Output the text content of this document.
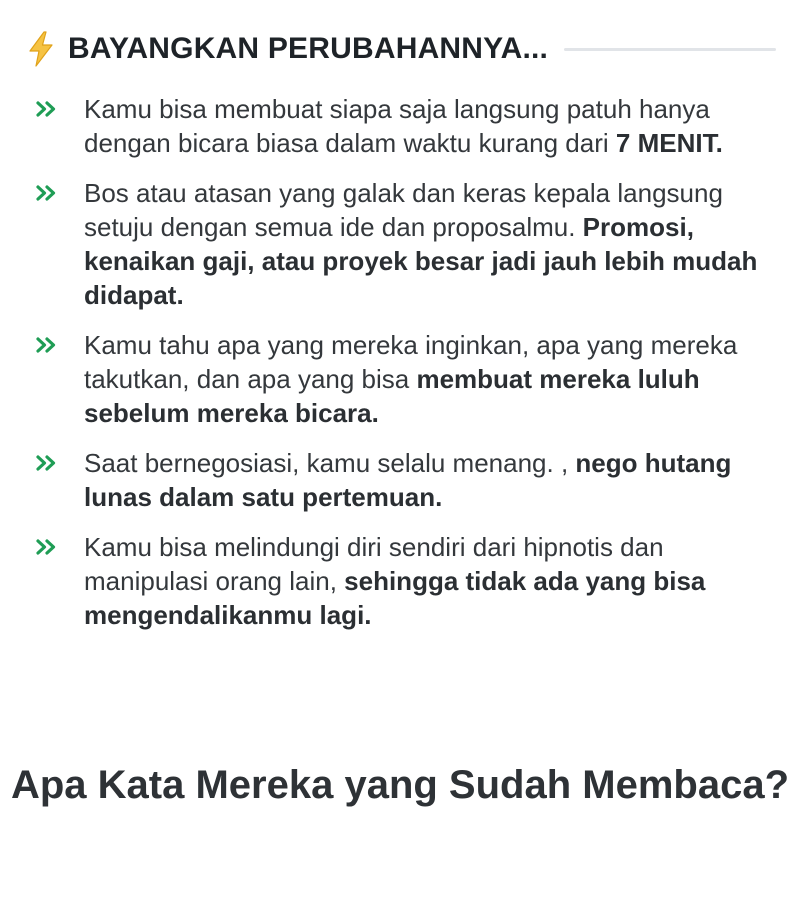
BAYANGKAN PERUBAHANNYA...
Kamu bisa membuat siapa saja langsung patuh hanya dengan bicara biasa dalam waktu kurang dari 7 MENIT.
Bos atau atasan yang galak dan keras kepala langsung setuju dengan semua ide dan proposalmu. Promosi, kenaikan gaji, atau proyek besar jadi jauh lebih mudah didapat.
Kamu tahu apa yang mereka inginkan, apa yang mereka takutkan, dan apa yang bisa membuat mereka luluh sebelum mereka bicara.
Saat bernegosiasi, kamu selalu menang. , nego hutang lunas dalam satu pertemuan.
Kamu bisa melindungi diri sendiri dari hipnotis dan manipulasi orang lain, sehingga tidak ada yang bisa mengendalikanmu lagi.
Apa Kata Mereka yang Sudah Membaca?
